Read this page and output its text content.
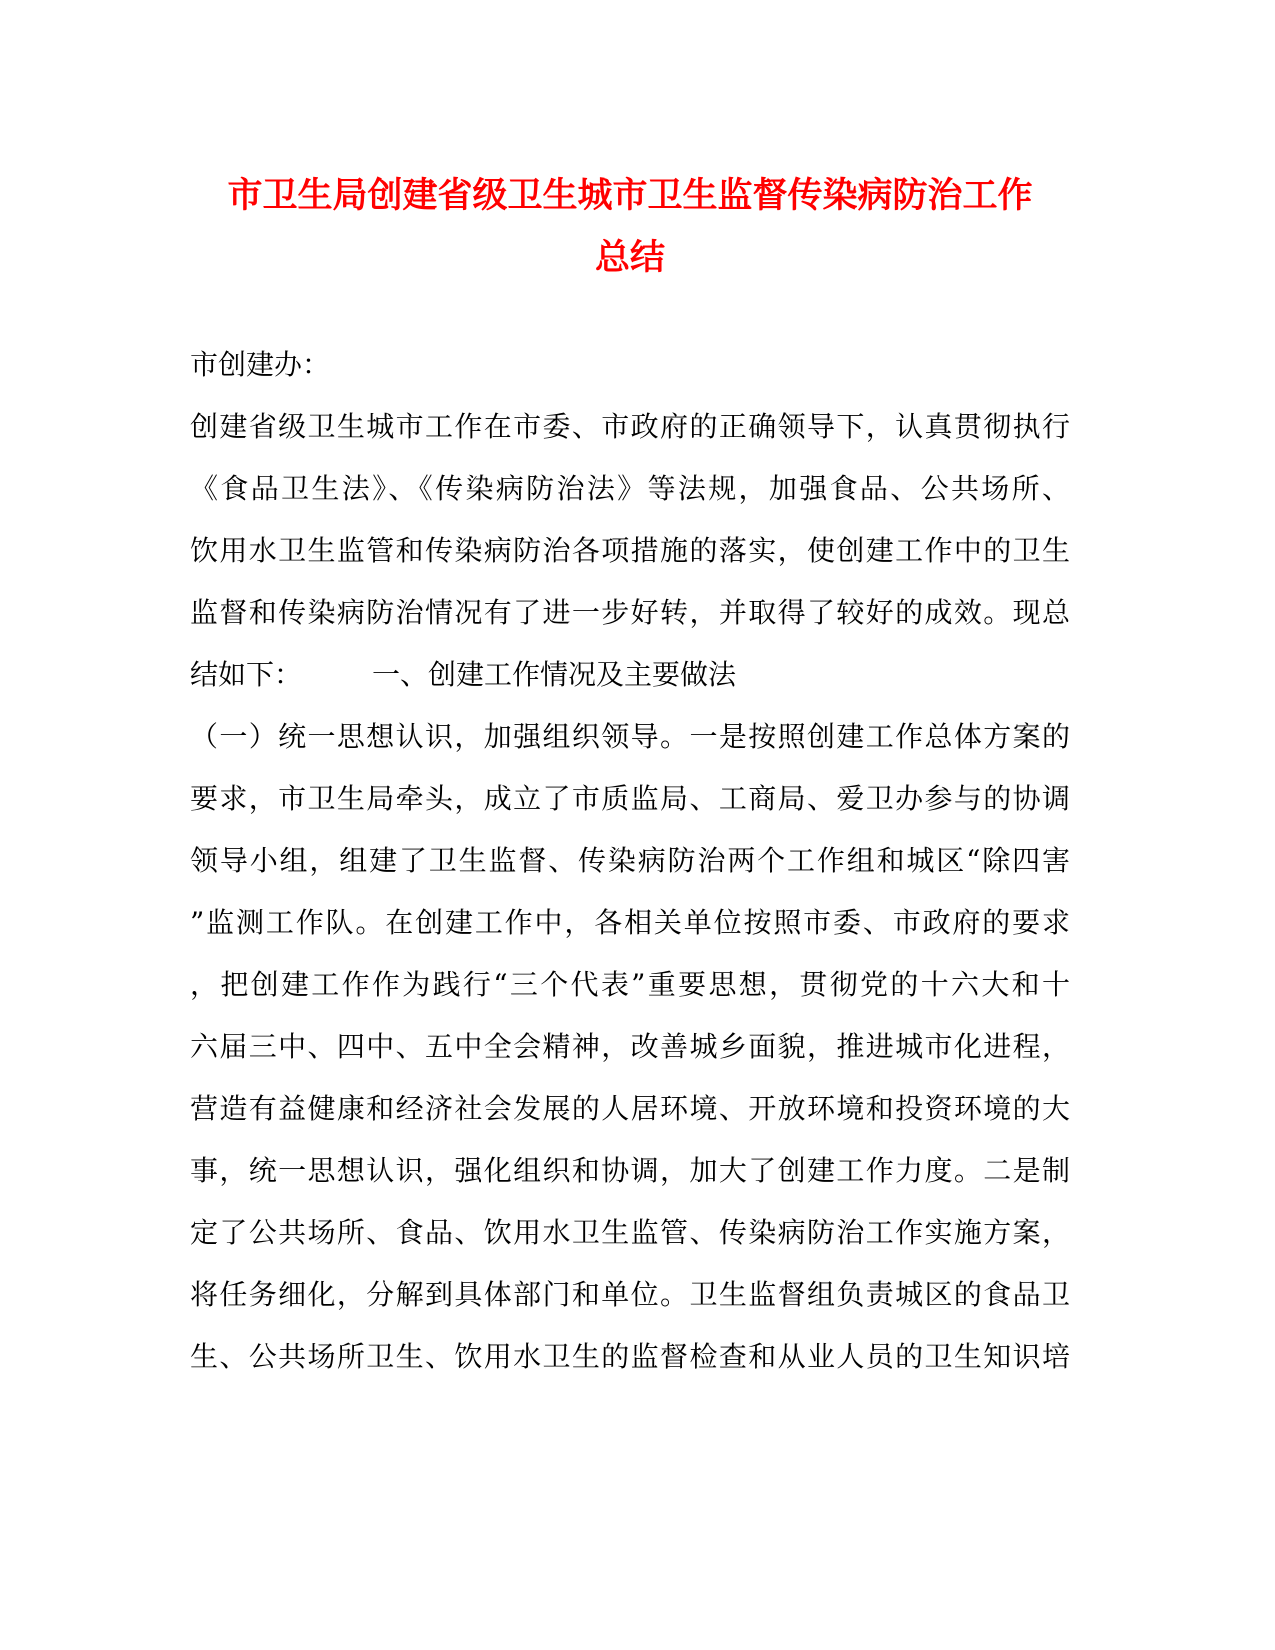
市卫生局创建省级卫生城市卫生监督传染病防治工作
总结
市创建办：
创建省级卫生城市工作在市委、市政府的正确领导下，认真贯彻执行
《食品卫生法》、《传染病防治法》等法规，加强食品、公共场所、
饮用水卫生监管和传染病防治各项措施的落实，使创建工作中的卫生
监督和传染病防治情况有了进一步好转，并取得了较好的成效。现总
结如下：　　　一、创建工作情况及主要做法
（一）统一思想认识，加强组织领导。一是按照创建工作总体方案的
要求，市卫生局牵头，成立了市质监局、工商局、爱卫办参与的协调
领导小组，组建了卫生监督、传染病防治两个工作组和城区“除四害
”监测工作队。在创建工作中，各相关单位按照市委、市政府的要求
，把创建工作作为践行“三个代表”重要思想，贯彻党的十六大和十
六届三中、四中、五中全会精神，改善城乡面貌，推进城市化进程，
营造有益健康和经济社会发展的人居环境、开放环境和投资环境的大
事，统一思想认识，强化组织和协调，加大了创建工作力度。二是制
定了公共场所、食品、饮用水卫生监管、传染病防治工作实施方案，
将任务细化，分解到具体部门和单位。卫生监督组负责城区的食品卫
生、公共场所卫生、饮用水卫生的监督检查和从业人员的卫生知识培
